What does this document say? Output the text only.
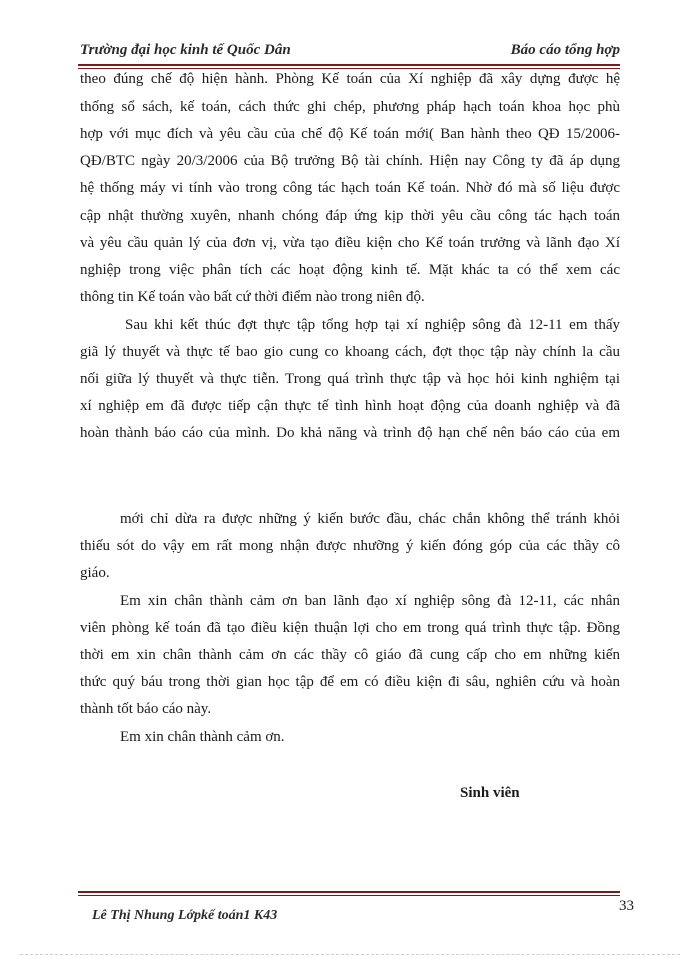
Trường đại học kinh tế Quốc Dân	Báo cáo tổng hợp
theo đúng chế độ hiện hành. Phòng Kế toán của Xí nghiệp đã xây dựng được hệ
thống sổ sách, kế toán, cách thức ghi chép, phương pháp hạch toán khoa học phù
hợp với mục đích và yêu cầu của chế độ Kế toán mới( Ban hành theo QĐ 15/2006-
QĐ/BTC ngày 20/3/2006 của Bộ trưởng Bộ tài chính. Hiện nay Công ty đã áp dụng
hệ thống máy vi tính vào trong công tác hạch toán Kế toán. Nhờ đó mà số liệu được
cập nhật thường xuyên, nhanh chóng đáp ứng kịp thời yêu cầu công tác hạch toán
và yêu cầu quản lý của đơn vị, vừa tạo điều kiện cho Kế toán trưởng và lãnh đạo Xí
nghiệp trong việc phân tích các hoạt động kinh tế. Mặt khác ta có thể xem các
thông tin Kế toán vào bất cứ thời điểm nào trong niên độ.
Sau khi kết thúc đợt thực tập tổng hợp tại xí nghiệp sông đà 12-11 em thấy
giã lý thuyết và thực tế bao gio cung co khoang cách, đợt thọc tập này chính la cầu
nối giữa lý thuyết và thực tiễn. Trong quá trình thực tập và học hỏi kinh nghiệm tại
xí nghiệp em đã được tiếp cận thực tế tình hình hoạt động của doanh nghiệp và đã
hoàn thành báo cáo của mình. Do khả năng và trình độ hạn chế nên báo cáo của em
mới chỉ dừa ra được những ý kiến bước đầu, chác chắn không thể tránh khỏi
thiếu sót do vậy em rất mong nhận được nhưỡng ý kiến đóng góp của các thầy cô
giáo.
Em xin chân thành cảm ơn ban lãnh đạo xí nghiệp sông đà 12-11, các nhân
viên phòng kế toán đã tạo điều kiện thuận lợi cho em trong quá trình thực tập. Đồng
thời em xin chân thành cảm ơn các thầy cô giáo đã cung cấp cho em những kiến
thức quý báu trong thời gian học tập để em có điều kiện đi sâu, nghiên cứu và hoàn
thành tốt báo cáo này.
Em xin chân thành cảm ơn.
Sinh viên
Lê Thị Nhung Lớpkế toán1 K43
33
